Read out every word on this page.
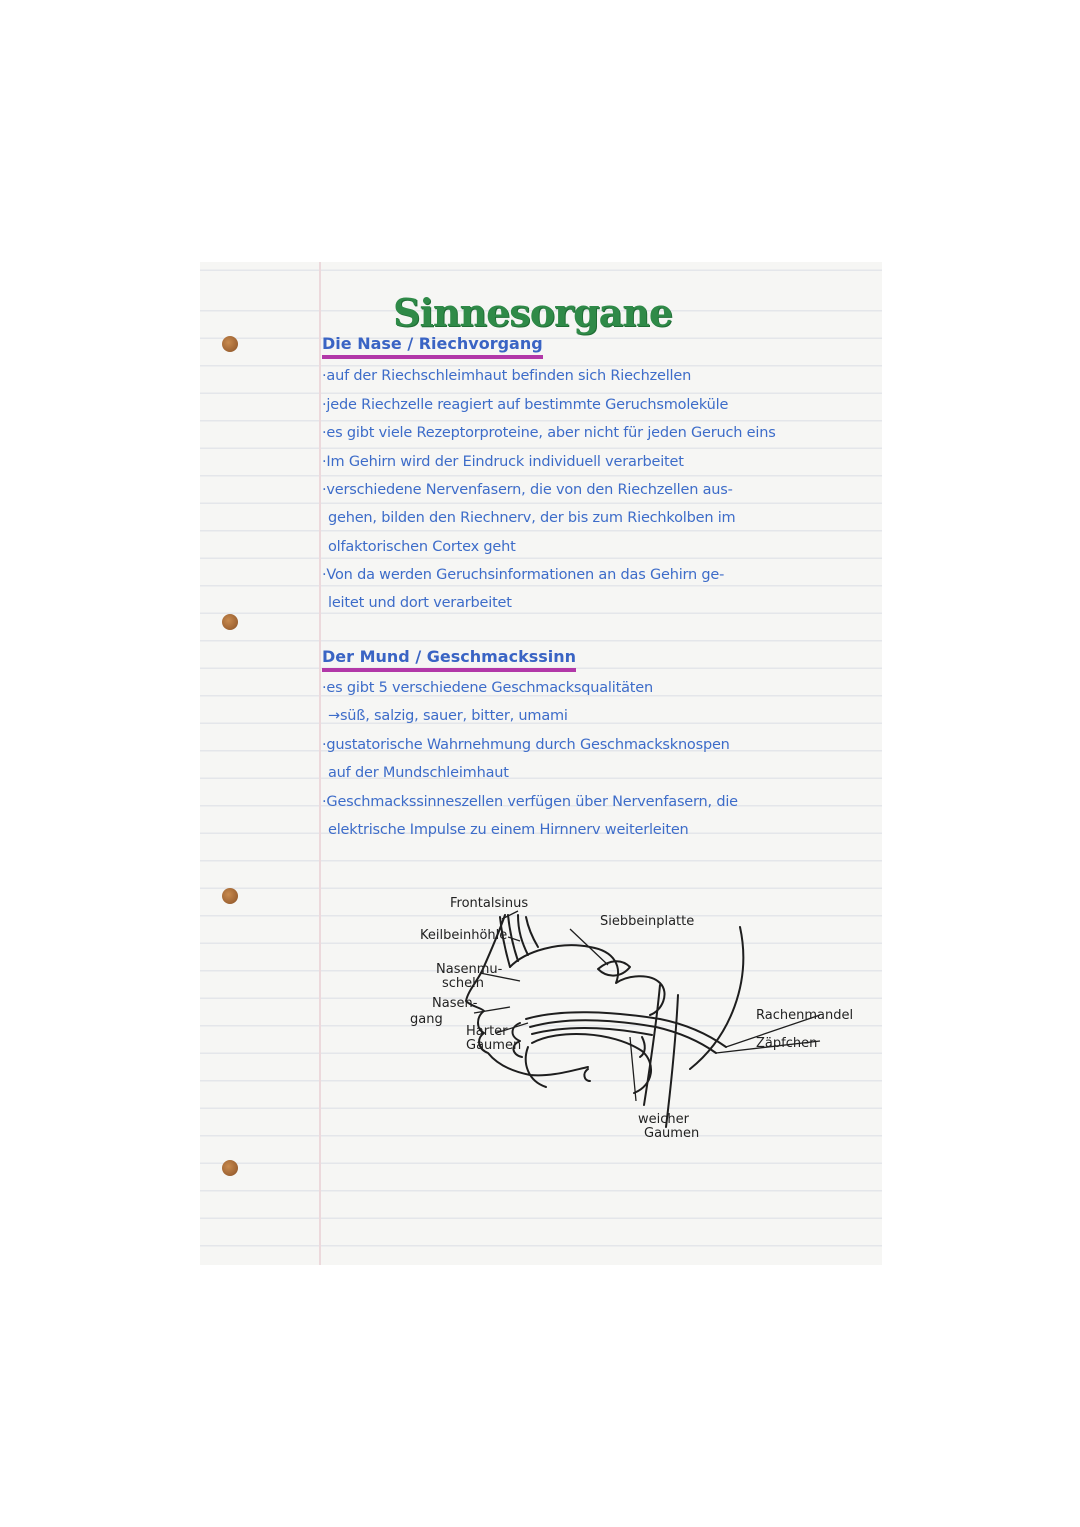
Sinnesorgane
Die Nase / Riechvorgang

·auf der Riechschleimhaut befinden sich Riechzellen

·jede Riechzelle reagiert auf bestimmte Geruchsmoleküle

·es gibt viele Rezeptorproteine, aber nicht für jeden Geruch eins

·Im Gehirn wird der Eindruck individuell verarbeitet

·verschiedene Nervenfasern, die von den Riechzellen aus-

gehen, bilden den Riechnerv, der bis zum Riechkolben im

olfaktorischen Cortex geht

·Von da werden Geruchsinformationen an das Gehirn ge-

leitet und dort verarbeitet

Der Mund / Geschmackssinn

·es gibt 5 verschiedene Geschmacksqualitäten

→süß, salzig, sauer, bitter, umami

·gustatorische Wahrnehmung durch Geschmacksknospen

auf der Mundschleimhaut

·Geschmackssinneszellen verfügen über Nervenfasern, die

elektrische Impulse zu einem Hirnnerv weiterleiten

Frontalsinus
Keilbeinhöhle
Siebbeinplatte
Nasenmu-
scheln
Nasen-
gang
Harter
Gaumen
Rachenmandel
Zäpfchen
weicher
Gaumen
